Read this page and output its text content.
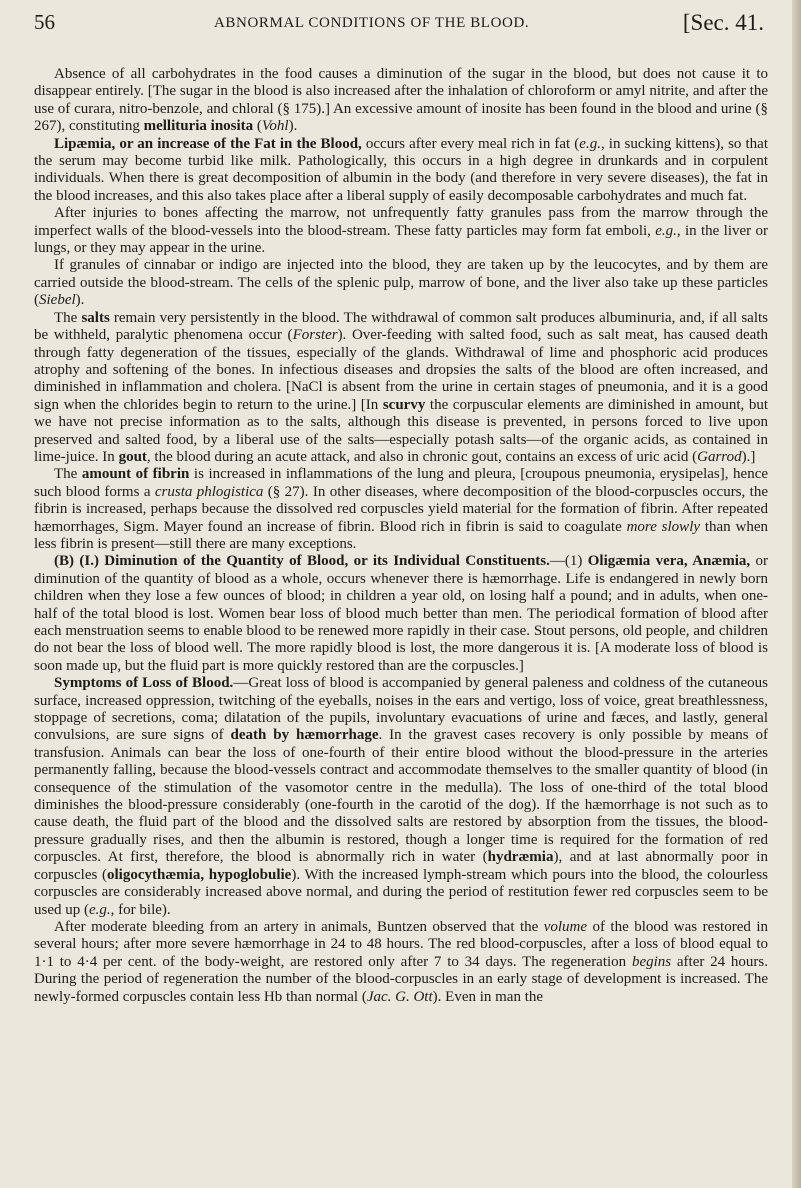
56	ABNORMAL CONDITIONS OF THE BLOOD.	[Sec. 41.

Absence of all carbohydrates in the food causes a diminution of the sugar in the blood, but does not cause it to disappear entirely. [The sugar in the blood is also increased after the inhalation of chloroform or amyl nitrite, and after the use of curara, nitro-benzole, and chloral (§ 175).] An excessive amount of inosite has been found in the blood and urine (§ 267), constituting mellituria inosita (Vohl).

Lipæmia, or an increase of the Fat in the Blood, occurs after every meal rich in fat (e.g., in sucking kittens), so that the serum may become turbid like milk. Pathologically, this occurs in a high degree in drunkards and in corpulent individuals. When there is great decomposition of albumin in the body (and therefore in very severe diseases), the fat in the blood increases, and this also takes place after a liberal supply of easily decomposable carbohydrates and much fat.

After injuries to bones affecting the marrow, not unfrequently fatty granules pass from the marrow through the imperfect walls of the blood-vessels into the blood-stream. These fatty particles may form fat emboli, e.g., in the liver or lungs, or they may appear in the urine.

If granules of cinnabar or indigo are injected into the blood, they are taken up by the leucocytes, and by them are carried outside the blood-stream. The cells of the splenic pulp, marrow of bone, and the liver also take up these particles (Siebel).

The salts remain very persistently in the blood. The withdrawal of common salt produces albuminuria, and, if all salts be withheld, paralytic phenomena occur (Forster). Over-feeding with salted food, such as salt meat, has caused death through fatty degeneration of the tissues, especially of the glands. Withdrawal of lime and phosphoric acid produces atrophy and softening of the bones. In infectious diseases and dropsies the salts of the blood are often increased, and diminished in inflammation and cholera. [NaCl is absent from the urine in certain stages of pneumonia, and it is a good sign when the chlorides begin to return to the urine.] [In scurvy the corpuscular elements are diminished in amount, but we have not precise information as to the salts, although this disease is prevented, in persons forced to live upon preserved and salted food, by a liberal use of the salts—especially potash salts—of the organic acids, as contained in lime-juice. In gout, the blood during an acute attack, and also in chronic gout, contains an excess of uric acid (Garrod).]

The amount of fibrin is increased in inflammations of the lung and pleura, [croupous pneumonia, erysipelas], hence such blood forms a crusta phlogistica (§ 27). In other diseases, where decomposition of the blood-corpuscles occurs, the fibrin is increased, perhaps because the dissolved red corpuscles yield material for the formation of fibrin. After repeated hæmorrhages, Sigm. Mayer found an increase of fibrin. Blood rich in fibrin is said to coagulate more slowly than when less fibrin is present—still there are many exceptions.

(B) (I.) Diminution of the Quantity of Blood, or its Individual Constituents.—(1) Oligæmia vera, Anæmia, or diminution of the quantity of blood as a whole, occurs whenever there is hæmorrhage. Life is endangered in newly born children when they lose a few ounces of blood; in children a year old, on losing half a pound; and in adults, when one-half of the total blood is lost. Women bear loss of blood much better than men. The periodical formation of blood after each menstruation seems to enable blood to be renewed more rapidly in their case. Stout persons, old people, and children do not bear the loss of blood well. The more rapidly blood is lost, the more dangerous it is. [A moderate loss of blood is soon made up, but the fluid part is more quickly restored than are the corpuscles.]

Symptoms of Loss of Blood.—Great loss of blood is accompanied by general paleness and coldness of the cutaneous surface, increased oppression, twitching of the eyeballs, noises in the ears and vertigo, loss of voice, great breathlessness, stoppage of secretions, coma; dilatation of the pupils, involuntary evacuations of urine and fæces, and lastly, general convulsions, are sure signs of death by hæmorrhage. In the gravest cases recovery is only possible by means of transfusion. Animals can bear the loss of one-fourth of their entire blood without the blood-pressure in the arteries permanently falling, because the blood-vessels contract and accommodate themselves to the smaller quantity of blood (in consequence of the stimulation of the vasomotor centre in the medulla). The loss of one-third of the total blood diminishes the blood-pressure considerably (one-fourth in the carotid of the dog). If the hæmorrhage is not such as to cause death, the fluid part of the blood and the dissolved salts are restored by absorption from the tissues, the blood-pressure gradually rises, and then the albumin is restored, though a longer time is required for the formation of red corpuscles. At first, therefore, the blood is abnormally rich in water (hydræmia), and at last abnormally poor in corpuscles (oligocythæmia, hypoglobulie). With the increased lymph-stream which pours into the blood, the colourless corpuscles are considerably increased above normal, and during the period of restitution fewer red corpuscles seem to be used up (e.g., for bile).

After moderate bleeding from an artery in animals, Buntzen observed that the volume of the blood was restored in several hours; after more severe hæmorrhage in 24 to 48 hours. The red blood-corpuscles, after a loss of blood equal to 1·1 to 4·4 per cent. of the body-weight, are restored only after 7 to 34 days. The regeneration begins after 24 hours. During the period of regeneration the number of the blood-corpuscles in an early stage of development is increased. The newly-formed corpuscles contain less Hb than normal (Jac. G. Ott). Even in man the
